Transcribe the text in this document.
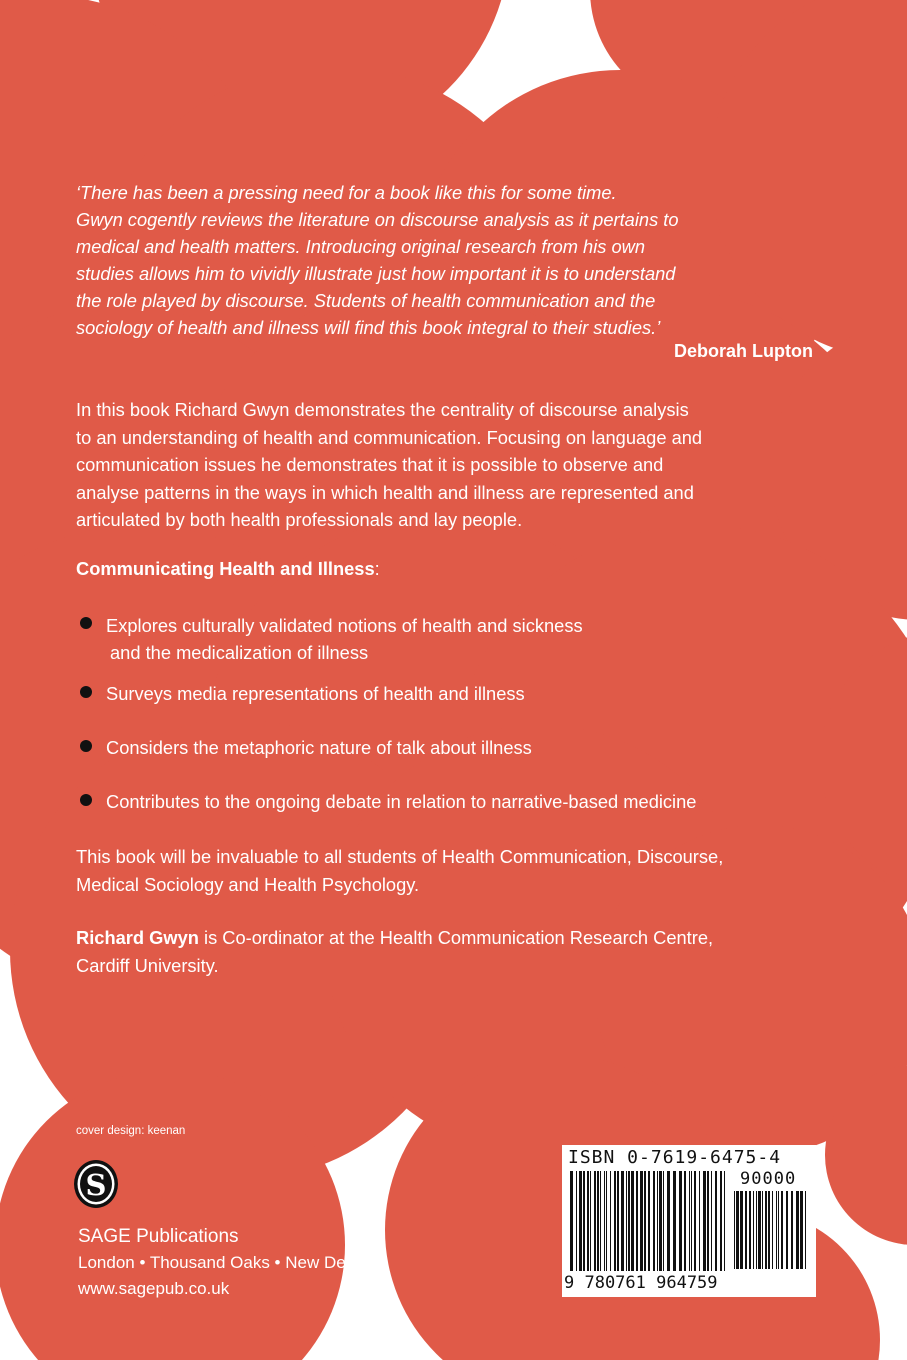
‘There has been a pressing need for a book like this for some time.
Gwyn cogently reviews the literature on discourse analysis as it pertains to
medical and health matters. Introducing original research from his own
studies allows him to vividly illustrate just how important it is to understand
the role played by discourse. Students of health communication and the
sociology of health and illness will find this book integral to their studies.’
Deborah Lupton
In this book Richard Gwyn demonstrates the centrality of discourse analysis
to an understanding of health and communication. Focusing on language and
communication issues he demonstrates that it is possible to observe and
analyse patterns in the ways in which health and illness are represented and
articulated by both health professionals and lay people.
Communicating Health and Illness:
Explores culturally validated notions of health and sickness
and the medicalization of illness
Surveys media representations of health and illness
Considers the metaphoric nature of talk about illness
Contributes to the ongoing debate in relation to narrative-based medicine
This book will be invaluable to all students of Health Communication, Discourse,
Medical Sociology and Health Psychology.
Richard Gwyn is Co-ordinator at the Health Communication Research Centre,
Cardiff University.
cover design: keenan
S
SAGE Publications
London • Thousand Oaks • New Delhi
www.sagepub.co.uk
ISBN 0-7619-6475-4
90000
9 780761 964759
